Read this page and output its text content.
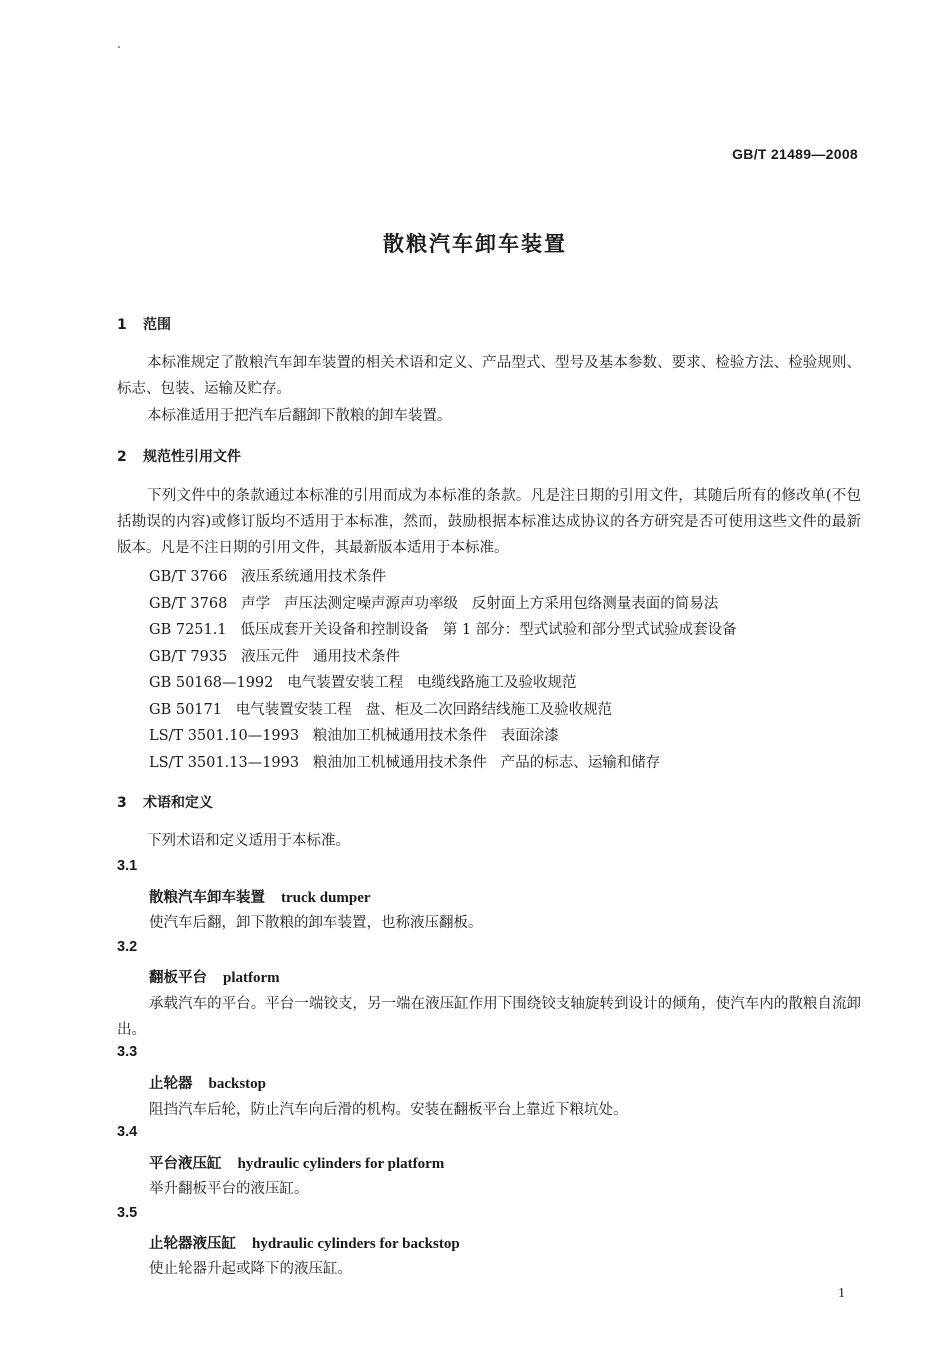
GB/T 21489—2008
散粮汽车卸车装置
1 范围
本标准规定了散粮汽车卸车装置的相关术语和定义、产品型式、型号及基本参数、要求、检验方法、检验规则、标志、包装、运输及贮存。
本标准适用于把汽车后翻卸下散粮的卸车装置。
2 规范性引用文件
下列文件中的条款通过本标准的引用而成为本标准的条款。凡是注日期的引用文件，其随后所有的修改单(不包括勘误的内容)或修订版均不适用于本标准，然而，鼓励根据本标准达成协议的各方研究是否可使用这些文件的最新版本。凡是不注日期的引用文件，其最新版本适用于本标准。
GB/T 3766   液压系统通用技术条件
GB/T 3768   声学   声压法测定噪声源声功率级   反射面上方采用包络测量表面的简易法
GB 7251.1   低压成套开关设备和控制设备   第 1 部分：型式试验和部分型式试验成套设备
GB/T 7935   液压元件   通用技术条件
GB 50168—1992   电气装置安装工程   电缆线路施工及验收规范
GB 50171   电气装置安装工程   盘、柜及二次回路结线施工及验收规范
LS/T 3501.10—1993   粮油加工机械通用技术条件   表面涂漆
LS/T 3501.13—1993   粮油加工机械通用技术条件   产品的标志、运输和储存
3 术语和定义
下列术语和定义适用于本标准。
3.1
散粮汽车卸车装置 truck dumper
使汽车后翻，卸下散粮的卸车装置，也称液压翻板。
3.2
翻板平台 platform
承载汽车的平台。平台一端铰支，另一端在液压缸作用下围绕铰支轴旋转到设计的倾角，使汽车内的散粮自流卸出。
3.3
止轮器 backstop
阻挡汽车后轮，防止汽车向后滑的机构。安装在翻板平台上靠近下粮坑处。
3.4
平台液压缸 hydraulic cylinders for platform
举升翻板平台的液压缸。
3.5
止轮器液压缸 hydraulic cylinders for backstop
使止轮器升起或降下的液压缸。
1
